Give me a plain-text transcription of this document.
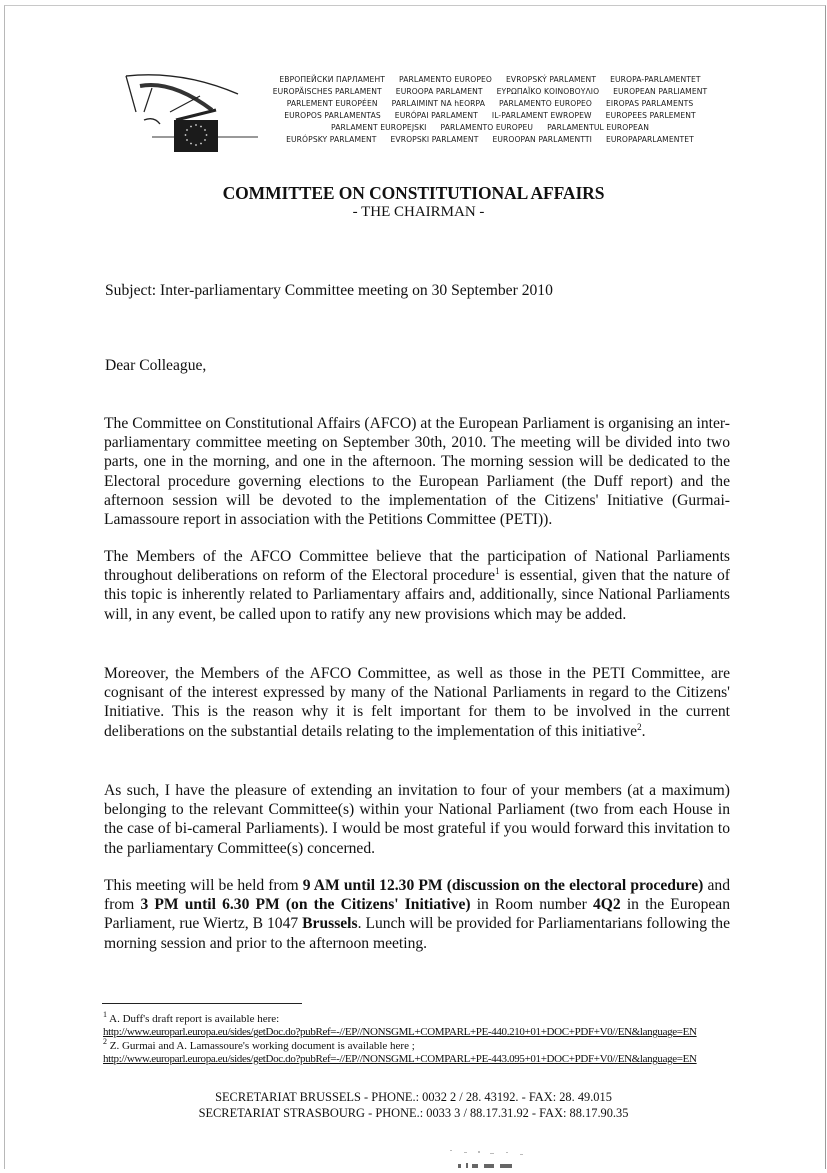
ЕВРОПЕЙСКИ ПАРЛАМЕНТ PARLAMENTO EUROPEO EVROPSKÝ PARLAMENT EUROPA-PARLAMENTET
EUROPÄISCHES PARLAMENT EUROOPA PARLAMENT ΕΥΡΩΠΑΪΚΟ ΚΟΙΝΟΒΟΥΛΙΟ EUROPEAN PARLIAMENT
PARLEMENT EUROPÉEN PARLAIMINT NA hEORPA PARLAMENTO EUROPEO EIROPAS PARLAMENTS
EUROPOS PARLAMENTAS EURÓPAI PARLAMENT IL-PARLAMENT EWROPEW EUROPEES PARLEMENT
PARLAMENT EUROPEJSKI PARLAMENTO EUROPEU PARLAMENTUL EUROPEAN
EURÓPSKY PARLAMENT EVROPSKI PARLAMENT EUROOPAN PARLAMENTTI EUROPAPARLAMENTET
COMMITTEE ON CONSTITUTIONAL AFFAIRS
- THE CHAIRMAN -
Subject: Inter-parliamentary Committee meeting on 30 September 2010
Dear Colleague,
The Committee on Constitutional Affairs (AFCO) at the European Parliament is organising an inter-parliamentary committee meeting on September 30th, 2010. The meeting will be divided into two parts, one in the morning, and one in the afternoon. The morning session will be dedicated to the Electoral procedure governing elections to the European Parliament (the Duff report) and the afternoon session will be devoted to the implementation of the Citizens' Initiative (Gurmai-Lamassoure report in association with the Petitions Committee (PETI)).
The Members of the AFCO Committee believe that the participation of National Parliaments throughout deliberations on reform of the Electoral procedure$^1$ is essential, given that the nature of this topic is inherently related to Parliamentary affairs and, additionally, since National Parliaments will, in any event, be called upon to ratify any new provisions which may be added.
Moreover, the Members of the AFCO Committee, as well as those in the PETI Committee, are cognisant of the interest expressed by many of the National Parliaments in regard to the Citizens' Initiative. This is the reason why it is felt important for them to be involved in the current deliberations on the substantial details relating to the implementation of this initiative$^2$.
As such, I have the pleasure of extending an invitation to four of your members (at a maximum) belonging to the relevant Committee(s) within your National Parliament (two from each House in the case of bi-cameral Parliaments). I would be most grateful if you would forward this invitation to the parliamentary Committee(s) concerned.
This meeting will be held from 9 AM until 12.30 PM (discussion on the electoral procedure) and from 3 PM until 6.30 PM (on the Citizens' Initiative) in Room number 4Q2 in the European Parliament, rue Wiertz, B 1047 Brussels. Lunch will be provided for Parliamentarians following the morning session and prior to the afternoon meeting.
$^1$ A. Duff's draft report is available here:
http://www.europarl.europa.eu/sides/getDoc.do?pubRef=-//EP//NONSGML+COMPARL+PE-440.210+01+DOC+PDF+V0//EN&language=EN
$^2$ Z. Gurmai and A. Lamassoure's working document is available here ;
http://www.europarl.europa.eu/sides/getDoc.do?pubRef=-//EP//NONSGML+COMPARL+PE-443.095+01+DOC+PDF+V0//EN&language=EN
SECRETARIAT BRUSSELS - PHONE.: 0032 2 / 28. 43192. - FAX: 28. 49.015
SECRETARIAT STRASBOURG - PHONE.: 0033 3 / 88.17.31.92 - FAX: 88.17.90.35
